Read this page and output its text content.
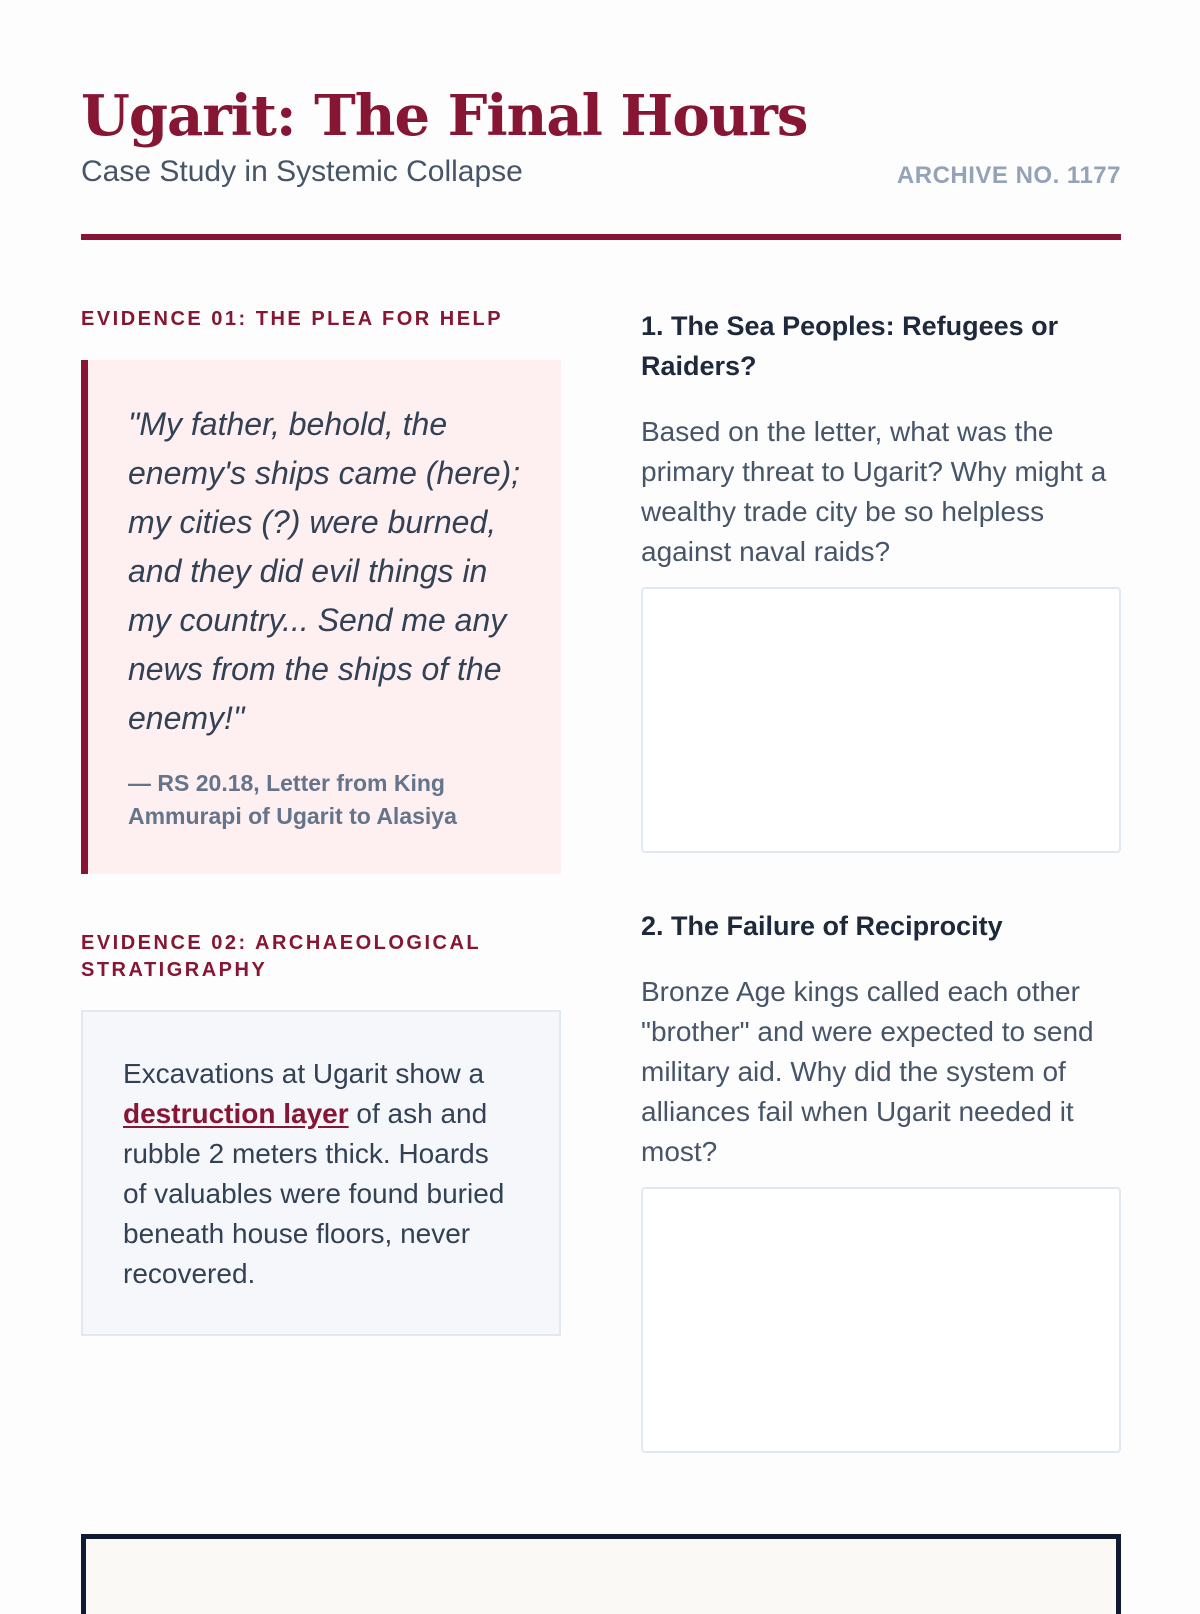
Ugarit: The Final Hours
Case Study in Systemic Collapse	ARCHIVE NO. 1177
EVIDENCE 01: THE PLEA FOR HELP

"My father, behold, the enemy's ships came (here); my cities (?) were burned, and they did evil things in my country... Send me any news from the ships of the enemy!"

— RS 20.18, Letter from King Ammurapi of Ugarit to Alasiya
EVIDENCE 02: ARCHAEOLOGICAL STRATIGRAPHY

Excavations at Ugarit show a destruction layer of ash and rubble 2 meters thick. Hoards of valuables were found buried beneath house floors, never recovered.

1. The Sea Peoples: Refugees or Raiders?

Based on the letter, what was the primary threat to Ugarit? Why might a wealthy trade city be so helpless against naval raids?

2. The Failure of Reciprocity

Bronze Age kings called each other "brother" and were expected to send military aid. Why did the system of alliances fail when Ugarit needed it most?
